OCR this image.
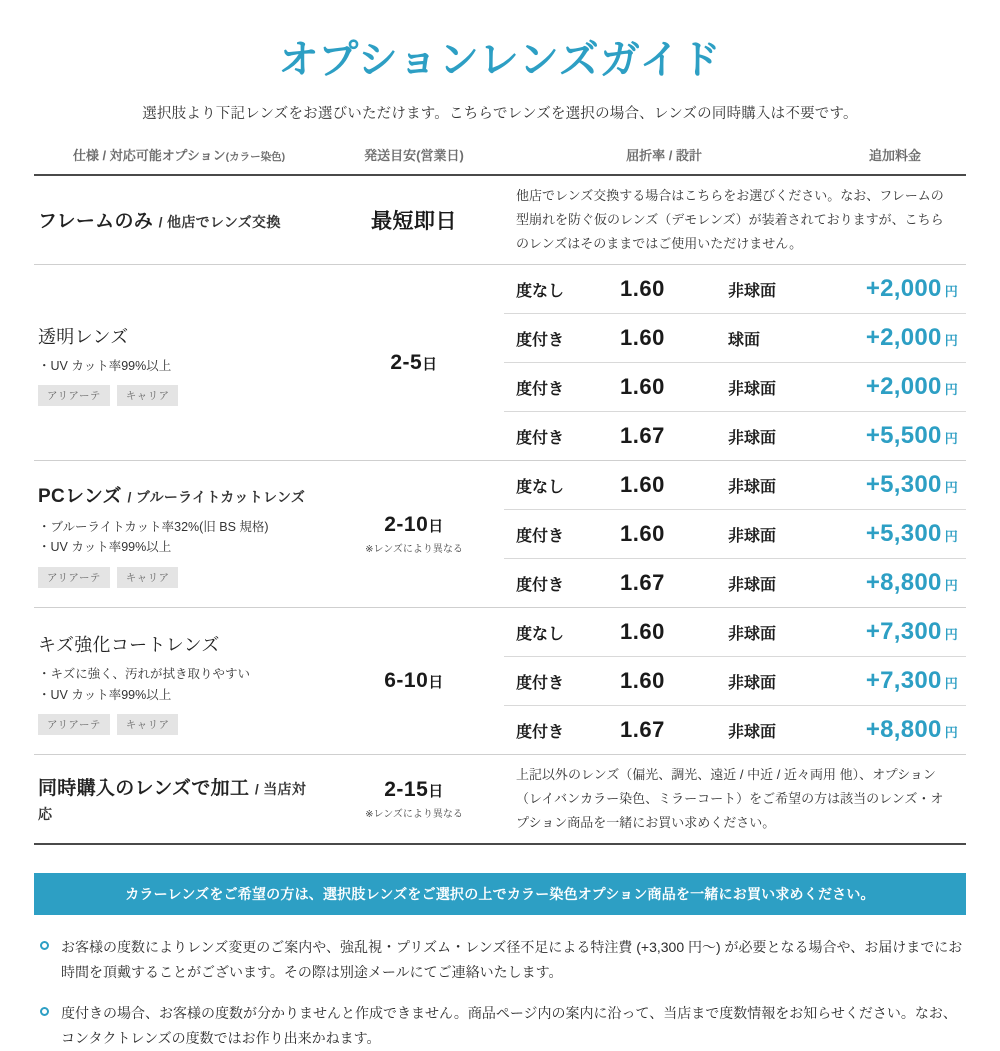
オプションレンズガイド
選択肢より下記レンズをお選びいただけます。こちらでレンズを選択の場合、レンズの同時購入は不要です。
仕様 / 対応可能オプション(カラー染色)	発送目安(営業日)	屈折率 / 設計	追加料金
フレームのみ / 他店でレンズ交換	最短即日
他店でレンズ交換する場合はこちらをお選びください。なお、フレームの型崩れを防ぐ仮のレンズ（デモレンズ）が装着されておりますが、こちらのレンズはそのままではご使用いただけません。
透明レンズ
・UV カット率99%以上
アリアーテ	キャリア
2-5日
度なし	1.60	非球面	+2,000 円
度付き	1.60	球面	+2,000 円
度付き	1.60	非球面	+2,000 円
度付き	1.67	非球面	+5,500 円
PCレンズ / ブルーライトカットレンズ
・ブルーライトカット率32%(旧 BS 規格)
・UV カット率99%以上
アリアーテ	キャリア
2-10日
※レンズにより異なる
度なし	1.60	非球面	+5,300 円
度付き	1.60	非球面	+5,300 円
度付き	1.67	非球面	+8,800 円
キズ強化コートレンズ
・キズに強く、汚れが拭き取りやすい
・UV カット率99%以上
アリアーテ	キャリア
6-10日
度なし	1.60	非球面	+7,300 円
度付き	1.60	非球面	+7,300 円
度付き	1.67	非球面	+8,800 円
同時購入のレンズで加工 / 当店対応
2-15日
※レンズにより異なる
上記以外のレンズ（偏光、調光、遠近 / 中近 / 近々両用 他）、オプション（レイバンカラー染色、ミラーコート）をご希望の方は該当のレンズ・オプション商品を一緒にお買い求めください。
カラーレンズをご希望の方は、選択肢レンズをご選択の上でカラー染色オプション商品を一緒にお買い求めください。
お客様の度数によりレンズ変更のご案内や、強乱視・プリズム・レンズ径不足による特注費 (+3,300 円～) が必要となる場合や、お届けまでにお時間を頂戴することがございます。その際は別途メールにてご連絡いたします。
度付きの場合、お客様の度数が分かりませんと作成できません。商品ページ内の案内に沿って、当店まで度数情報をお知らせください。なお、コンタクトレンズの度数ではお作り出来かねます。
